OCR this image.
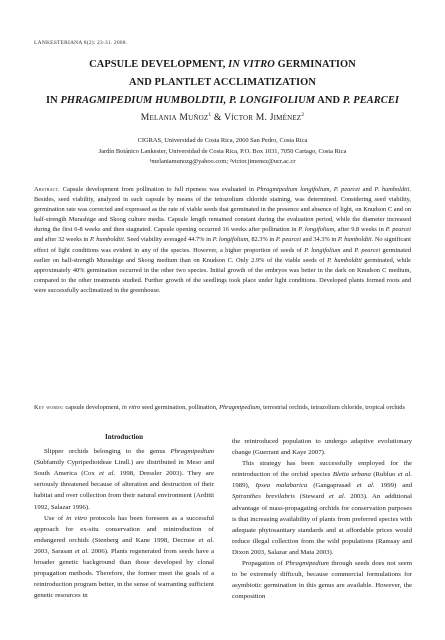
LANKESTERIANA 8(2): 23-31. 2008.
CAPSULE DEVELOPMENT, IN VITRO GERMINATION
AND PLANTLET ACCLIMATIZATION
IN PHRAGMIPEDIUM HUMBOLDTII, P. LONGIFOLIUM AND P. PEARCEI
Melania Muñoz$^1$ & Víctor M. Jiménez$^2$
CIGRAS, Universidad de Costa Rica, 2060 San Pedro, Costa Rica
Jardín Botánico Lankester, Universidad de Costa Rica, P.O. Box 1031, 7050 Cartago, Costa Rica
¹melaniamunozg@yahoo.com; ²victor.jimenez@ucr.ac.cr

Abstract. Capsule development from pollination to full ripeness was evaluated in Phragmipedium longifolium, P. pearcei and P. humboldtii. Besides, seed viability, analyzed in each capsule by means of the tetrazolium chloride staining, was determined. Considering seed viability, germination rate was corrected and expressed as the rate of viable seeds that germinated in the presence and absence of light, on Knudson C and on half-strength Murashige and Skoog culture media. Capsule length remained constant during the evaluation period, while the diameter increased during the first 6-8 weeks and then stagnated. Capsule opening occurred 16 weeks after pollination in P. longifolium, after 9.8 weeks in P. pearcei and after 32 weeks in P. humboldtii. Seed viability averaged 44.7% in P. longifolium, 82.3% in P. pearcei and 34.3% in P. humboldtii. No significant effect of light conditions was evident in any of the species. However, a higher proportion of seeds of P. longifolium and P. pearcei germinated earlier on half-strength Murashige and Skoog medium than on Knudson C. Only 2.9% of the viable seeds of P. humboldtii germinated, while approximately 40% germination occurred in the other two species. Initial growth of the embryos was better in the dark on Knudson C medium, compared to the other treatments studied. Further growth of the seedlings took place under light conditions. Developed plants formed roots and were successfully acclimatized in the greenhouse.

Key words: capsule development, in vitro seed germination, pollination, Phragmipedium, terrestrial orchids, tetrazolium chloride, tropical orchids
Introduction

Slipper orchids belonging to the genus Phragmipedium (Subfamily Cypripedioideae Lindl.) are distributed in Meso and South America (Cox et al. 1998, Dressler 2003). They are seriously threatened because of alteration and destruction of their habitat and over collection from their natural environment (Arditti 1992, Salazar 1996).

Use of in vitro protocols has been foreseen as a successful approach for ex-situ conservation and reintroduction of endangered orchids (Stenberg and Kane 1998, Decruse et al. 2003, Sarasan et al. 2006). Plants regenerated from seeds have a broader genetic background than those developed by clonal propagation methods. Therefore, the former meet the goals of a reintroduction program better, in the sense of warranting sufficient genetic resources in

the reintroduced population to undergo adaptive evolutionary change (Guerrant and Kaye 2007).

This strategy has been successfully employed for the reintroduction of the orchid species Bletia urbana (Rubluo et al. 1989), Ipsea malabarica (Gangaprasad et al. 1999) and Spiranthes brevilabris (Steward et al. 2003). An additional advantage of mass-propagating orchids for conservation purposes is that increasing availability of plants from preferred species with adequate phytosanitary standards and at affordable prices would reduce illegal collection from the wild populations (Ramsay and Dixon 2003, Salazar and Mata 2003).

Propagation of Phragmipedium through seeds does not seem to be extremely difficult, because commercial formulations for asymbiotic germination in this genus are available. However, the composition
